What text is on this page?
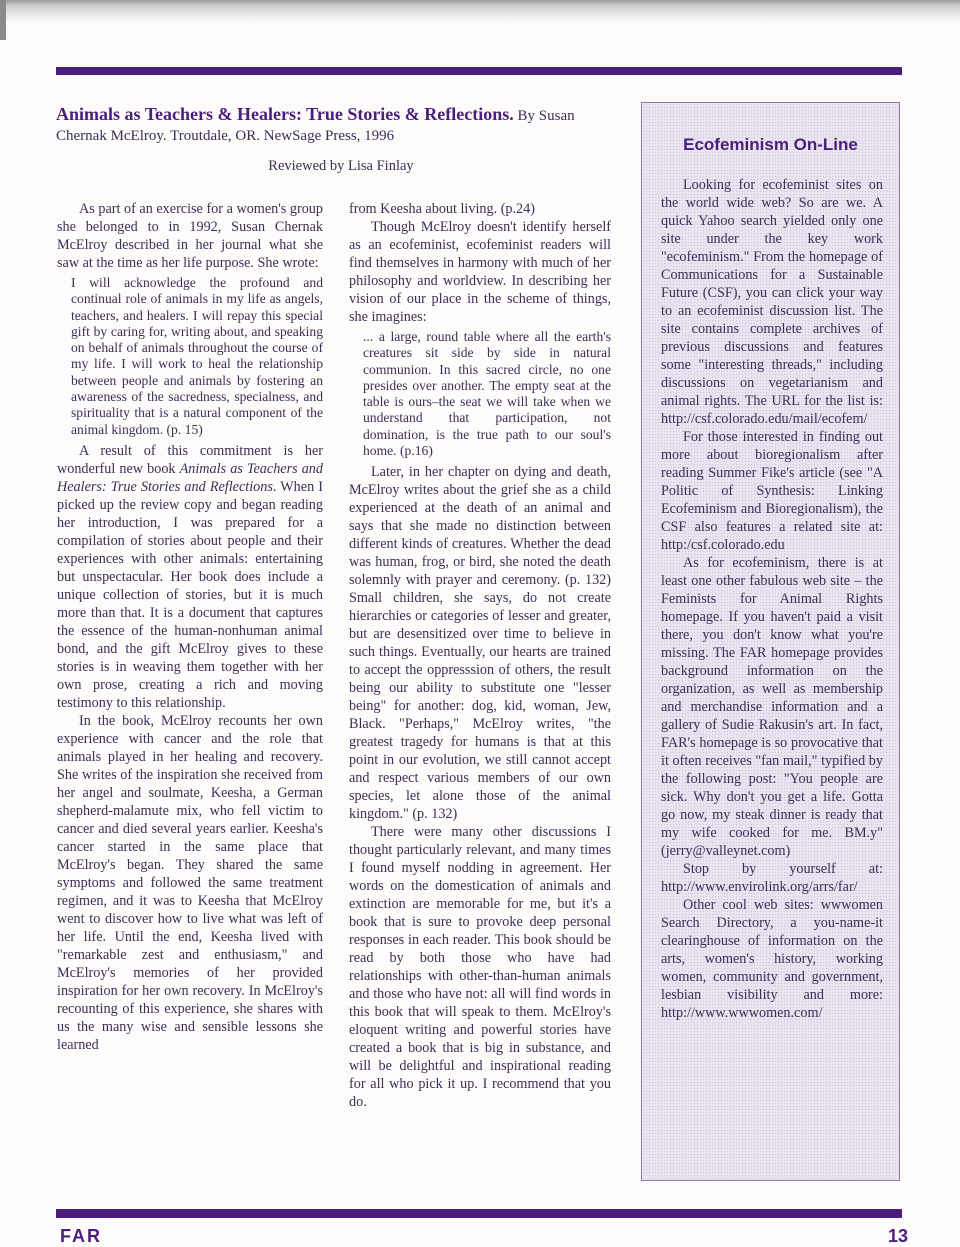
Animals as Teachers & Healers: True Stories & Reflections. By Susan
Chernak McElroy. Troutdale, OR. NewSage Press, 1996
Reviewed by Lisa Finlay

As part of an exercise for a women's group she belonged to in 1992, Susan Chernak McElroy described in her journal what she saw at the time as her life purpose. She wrote:

I will acknowledge the profound and continual role of animals in my life as angels, teachers, and healers. I will repay this special gift by caring for, writing about, and speaking on behalf of animals throughout the course of my life. I will work to heal the relationship between people and animals by fostering an awareness of the sacredness, specialness, and spirituality that is a natural component of the animal kingdom. (p. 15)

A result of this commitment is her wonderful new book Animals as Teachers and Healers: True Stories and Reflections. When I picked up the review copy and began reading her introduction, I was prepared for a compilation of stories about people and their experiences with other animals: entertaining but unspectacular. Her book does include a unique collection of stories, but it is much more than that. It is a document that captures the essence of the human-nonhuman animal bond, and the gift McElroy gives to these stories is in weaving them together with her own prose, creating a rich and moving testimony to this relationship.

In the book, McElroy recounts her own experience with cancer and the role that animals played in her healing and recovery. She writes of the inspiration she received from her angel and soulmate, Keesha, a German shepherd-malamute mix, who fell victim to cancer and died several years earlier. Keesha's cancer started in the same place that McElroy's began. They shared the same symptoms and followed the same treatment regimen, and it was to Keesha that McElroy went to discover how to live what was left of her life. Until the end, Keesha lived with "remarkable zest and enthusiasm," and McElroy's memories of her provided inspiration for her own recovery. In McElroy's recounting of this experience, she shares with us the many wise and sensible lessons she learned

from Keesha about living. (p.24)

Though McElroy doesn't identify herself as an ecofeminist, ecofeminist readers will find themselves in harmony with much of her philosophy and worldview. In describing her vision of our place in the scheme of things, she imagines:

... a large, round table where all the earth's creatures sit side by side in natural communion. In this sacred circle, no one presides over another. The empty seat at the table is ours–the seat we will take when we understand that participation, not domination, is the true path to our soul's home. (p.16)

Later, in her chapter on dying and death, McElroy writes about the grief she as a child experienced at the death of an animal and says that she made no distinction between different kinds of creatures. Whether the dead was human, frog, or bird, she noted the death solemnly with prayer and ceremony. (p. 132) Small children, she says, do not create hierarchies or categories of lesser and greater, but are desensitized over time to believe in such things. Eventually, our hearts are trained to accept the oppresssion of others, the result being our ability to substitute one "lesser being" for another: dog, kid, woman, Jew, Black. "Perhaps," McElroy writes, "the greatest tragedy for humans is that at this point in our evolution, we still cannot accept and respect various members of our own species, let alone those of the animal kingdom." (p. 132)

There were many other discussions I thought particularly relevant, and many times I found myself nodding in agreement. Her words on the domestication of animals and extinction are memorable for me, but it's a book that is sure to provoke deep personal responses in each reader. This book should be read by both those who have had relationships with other-than-human animals and those who have not: all will find words in this book that will speak to them. McElroy's eloquent writing and powerful stories have created a book that is big in substance, and will be delightful and inspirational reading for all who pick it up. I recommend that you do.

Ecofeminism On-Line

Looking for ecofeminist sites on the world wide web? So are we. A quick Yahoo search yielded only one site under the key work "ecofeminism." From the homepage of Communications for a Sustainable Future (CSF), you can click your way to an ecofeminist discussion list. The site contains complete archives of previous discussions and features some "interesting threads," including discussions on vegetarianism and animal rights. The URL for the list is: http://csf.colorado.edu/mail/ecofem/

For those interested in finding out more about bioregionalism after reading Summer Fike's article (see "A Politic of Synthesis: Linking Ecofeminism and Bioregionalism), the CSF also features a related site at: http:/csf.colorado.edu

As for ecofeminism, there is at least one other fabulous web site – the Feminists for Animal Rights homepage. If you haven't paid a visit there, you don't know what you're missing. The FAR homepage provides background information on the organization, as well as membership and merchandise information and a gallery of Sudie Rakusin's art. In fact, FAR's homepage is so provocative that it often receives "fan mail," typified by the following post: "You people are sick. Why don't you get a life. Gotta go now, my steak dinner is ready that my wife cooked for me. BM.y" (jerry@valleynet.com)

Stop by yourself at: http://www.envirolink.org/arrs/far/

Other cool web sites: wwwomen Search Directory, a you-name-it clearinghouse of information on the arts, women's history, working women, community and government, lesbian visibility and more: http://www.wwwomen.com/

FAR	13
